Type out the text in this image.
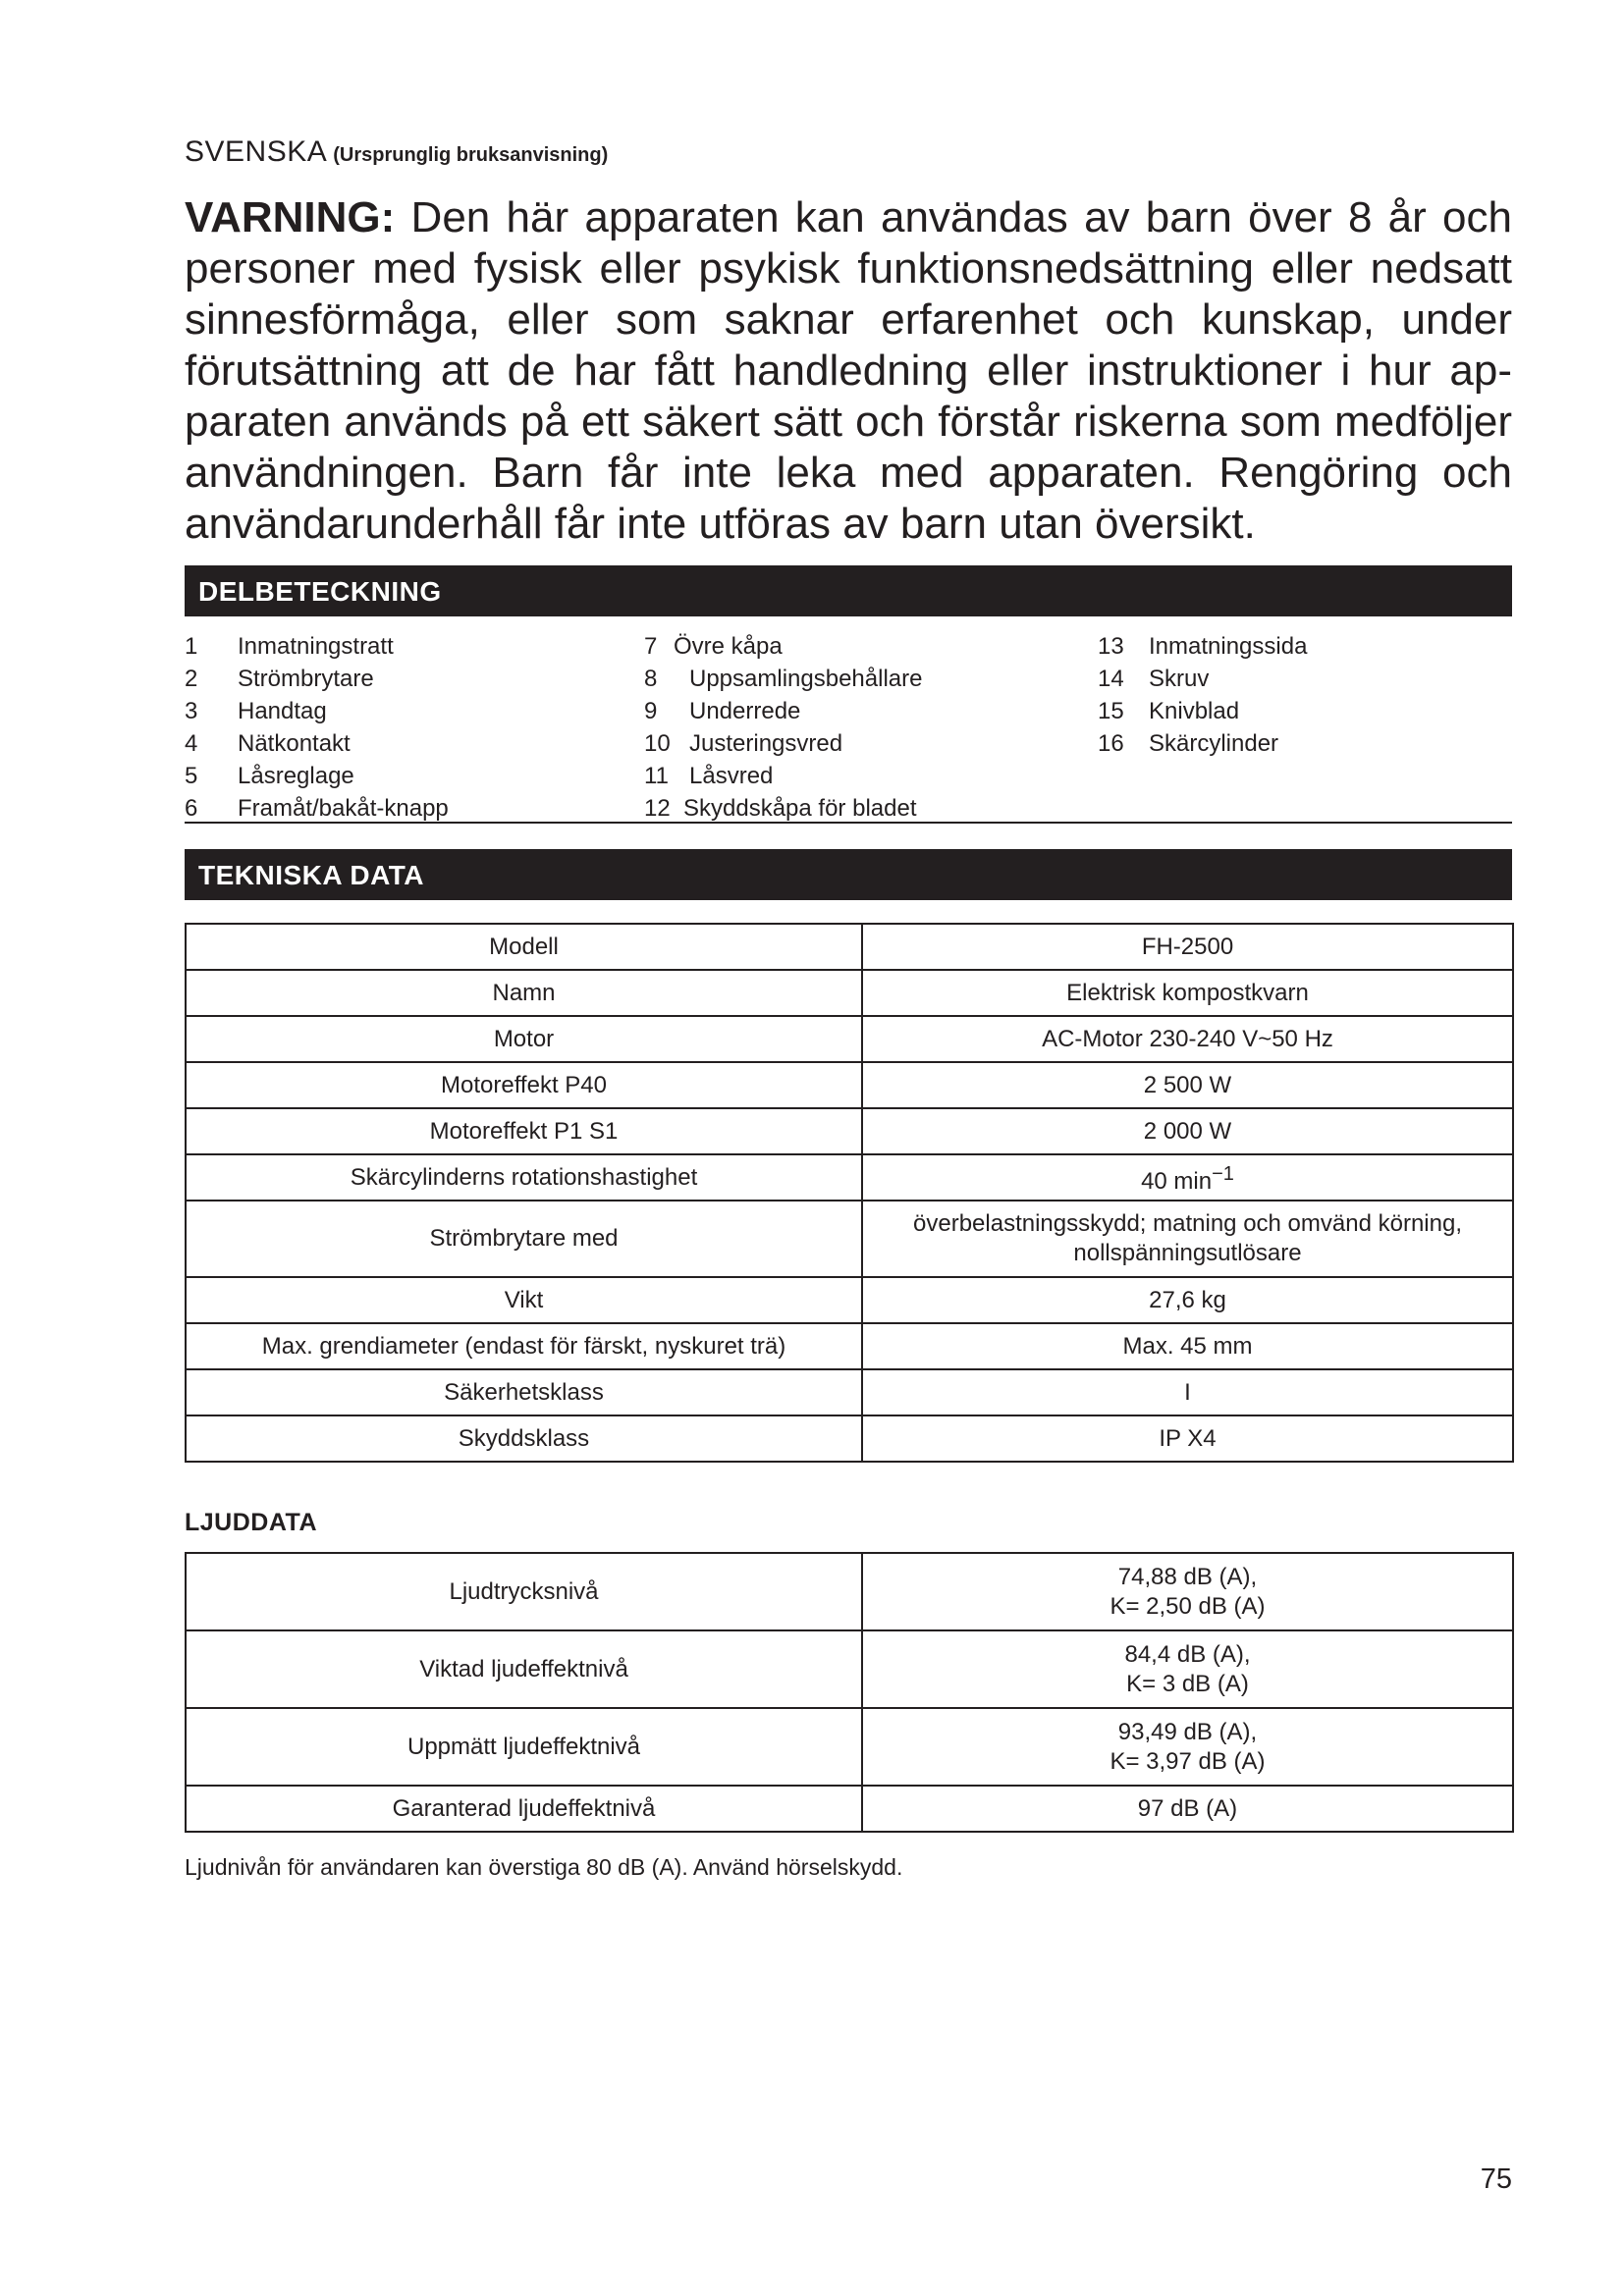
SVENSKA (Ursprunglig bruksanvisning)

VARNING: Den här apparaten kan användas av barn över 8 år och personer med fysisk eller psykisk funktionsnedsättning eller nedsatt sinnesförmåga, eller som saknar erfarenhet och kunskap, under förutsättning att de har fått handledning eller instruktioner i hur apparaten används på ett säkert sätt och förstår riskerna som medföljer användningen. Barn får inte leka med apparaten. Rengöring och användarunderhåll får inte utföras av barn utan översikt.

DELBETECKNING
1	Inmatningstratt
2	Strömbrytare
3	Handtag
4	Nätkontakt
5	Låsreglage
6	Framåt/bakåt-knapp
7 Övre kåpa
8	Uppsamlingsbehållare
9	Underrede
10 Justeringsvred
11 Låsvred
12 Skyddskåpa för bladet
13	Inmatningssida
14	Skruv
15	Knivblad
16	Skärcylinder
TEKNISKA DATA
Modell	FH-2500
Namn	Elektrisk kompostkvarn
Motor	AC-Motor 230-240 V~50 Hz
Motoreffekt P40	2 500 W
Motoreffekt P1 S1	2 000 W
Skärcylinderns rotationshastighet	40 $\min^{-1}$
Strömbrytare med	överbelastningsskydd; matning och omvänd körning, nollspänningsutlösare
Vikt	27,6 kg
Max. grendiameter (endast för färskt, nyskuret trä)	Max. 45 mm
Säkerhetsklass	I
Skyddsklass	IP X4
LJUDDATA
Ljudtrycksnivå	74,88 dB (A),
K= 2,50 dB (A)

Viktad ljudeffektnivå	84,4 dB (A),
K= 3 dB (A)

Uppmätt ljudeffektnivå	93,49 dB (A),
K= 3,97 dB (A)

Garanterad ljudeffektnivå	97 dB (A)
Ljudnivån för användaren kan överstiga 80 dB (A). Använd hörselskydd.
75
